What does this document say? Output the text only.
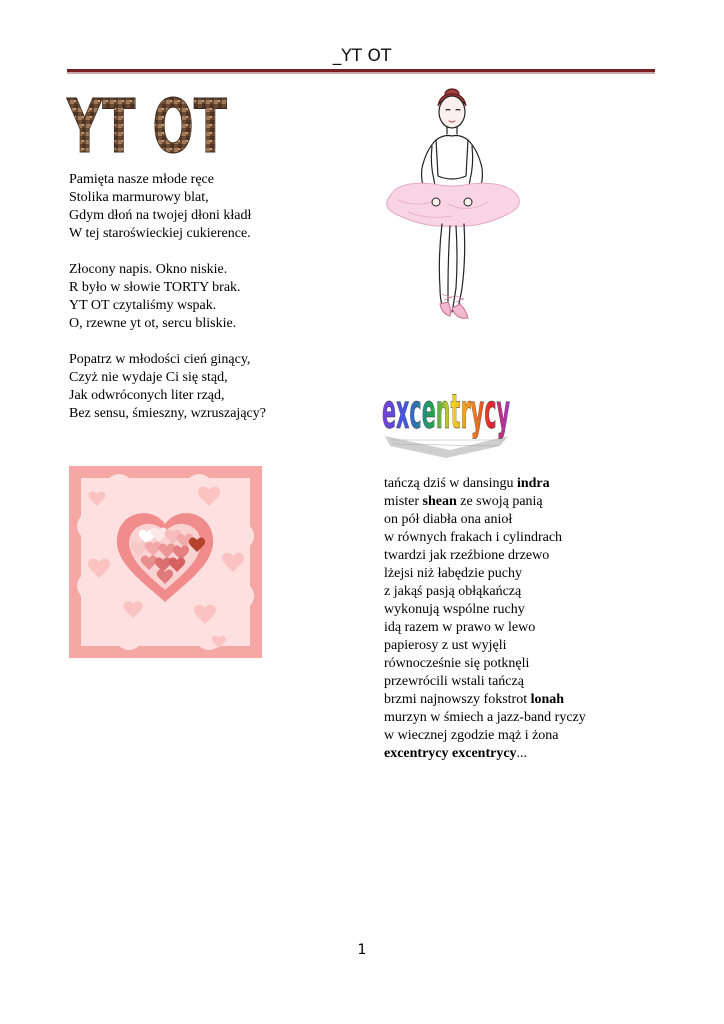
_YT OT
YT OT

Pamięta nasze młode ręce
Stolika marmurowy blat,
Gdym dłoń na twojej dłoni kładł
W tej staroświeckiej cukierence.

Złocony napis. Okno niskie.
R było w słowie TORTY brak.
YT OT czytaliśmy wspak.
O, rzewne yt ot, sercu bliskie.

Popatrz w młodości cień ginący,
Czyż nie wydaje Ci się stąd,
Jak odwróconych liter rząd,
Bez sensu, śmieszny, wzruszający? excentrycy
tańczą dziś w dansingu indra
mister shean ze swoją panią
on pół diabła ona anioł
w równych frakach i cylindrach
twardzi jak rzeźbione drzewo
lżejsi niż łabędzie puchy
z jakąś pasją obłąkańczą
wykonują wspólne ruchy
idą razem w prawo w lewo
papierosy z ust wyjęli
równocześnie się potknęli
przewrócili wstali tańczą
brzmi najnowszy fokstrot lonah
murzyn w śmiech a jazz-band ryczy
w wiecznej zgodzie mąż i żona
excentrycy excentrycy...
1
